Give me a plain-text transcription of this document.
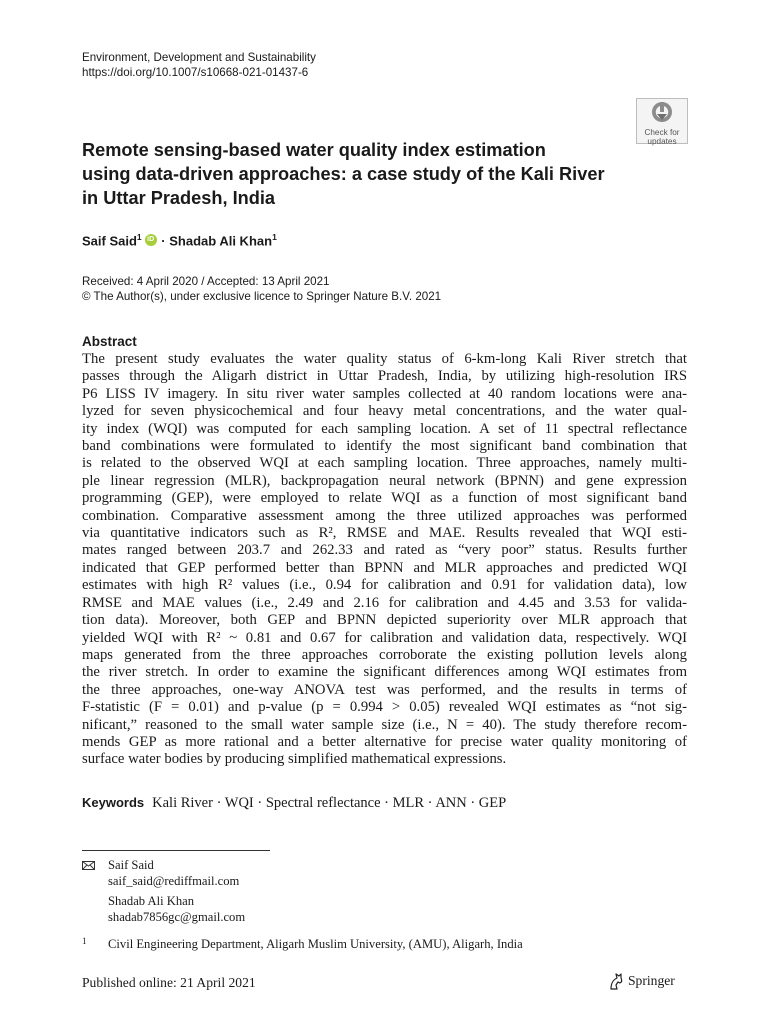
Environment, Development and Sustainability
https://doi.org/10.1007/s10668-021-01437-6
Check for
updates
Remote sensing-based water quality index estimation
using data-driven approaches: a case study of the Kali River
in Uttar Pradesh, India
Saif Said$^1$ iD · Shadab Ali Khan$^1$
Received: 4 April 2020 / Accepted: 13 April 2021
© The Author(s), under exclusive licence to Springer Nature B.V. 2021
Abstract
The present study evaluates the water quality status of 6-km-long Kali River stretch that
passes through the Aligarh district in Uttar Pradesh, India, by utilizing high-resolution IRS
P6 LISS IV imagery. In situ river water samples collected at 40 random locations were ana-
lyzed for seven physicochemical and four heavy metal concentrations, and the water qual-
ity index (WQI) was computed for each sampling location. A set of 11 spectral reflectance
band combinations were formulated to identify the most significant band combination that
is related to the observed WQI at each sampling location. Three approaches, namely multi-
ple linear regression (MLR), backpropagation neural network (BPNN) and gene expression
programming (GEP), were employed to relate WQI as a function of most significant band
combination. Comparative assessment among the three utilized approaches was performed
via quantitative indicators such as R², RMSE and MAE. Results revealed that WQI esti-
mates ranged between 203.7 and 262.33 and rated as “very poor” status. Results further
indicated that GEP performed better than BPNN and MLR approaches and predicted WQI
estimates with high R² values (i.e., 0.94 for calibration and 0.91 for validation data), low
RMSE and MAE values (i.e., 2.49 and 2.16 for calibration and 4.45 and 3.53 for valida-
tion data). Moreover, both GEP and BPNN depicted superiority over MLR approach that
yielded WQI with R² ~ 0.81 and 0.67 for calibration and validation data, respectively. WQI
maps generated from the three approaches corroborate the existing pollution levels along
the river stretch. In order to examine the significant differences among WQI estimates from
the three approaches, one-way ANOVA test was performed, and the results in terms of
F-statistic (F = 0.01) and p-value (p = 0.994 > 0.05) revealed WQI estimates as “not sig-
nificant,” reasoned to the small water sample size (i.e., N = 40). The study therefore recom-
mends GEP as more rational and a better alternative for precise water quality monitoring of
surface water bodies by producing simplified mathematical expressions.
Keywords Kali River · WQI · Spectral reflectance · MLR · ANN · GEP
Saif Said
saif_said@rediffmail.com
Shadab Ali Khan
shadab7856gc@gmail.com
1 Civil Engineering Department, Aligarh Muslim University, (AMU), Aligarh, India
Published online: 21 April 2021	$^{Springer}$
